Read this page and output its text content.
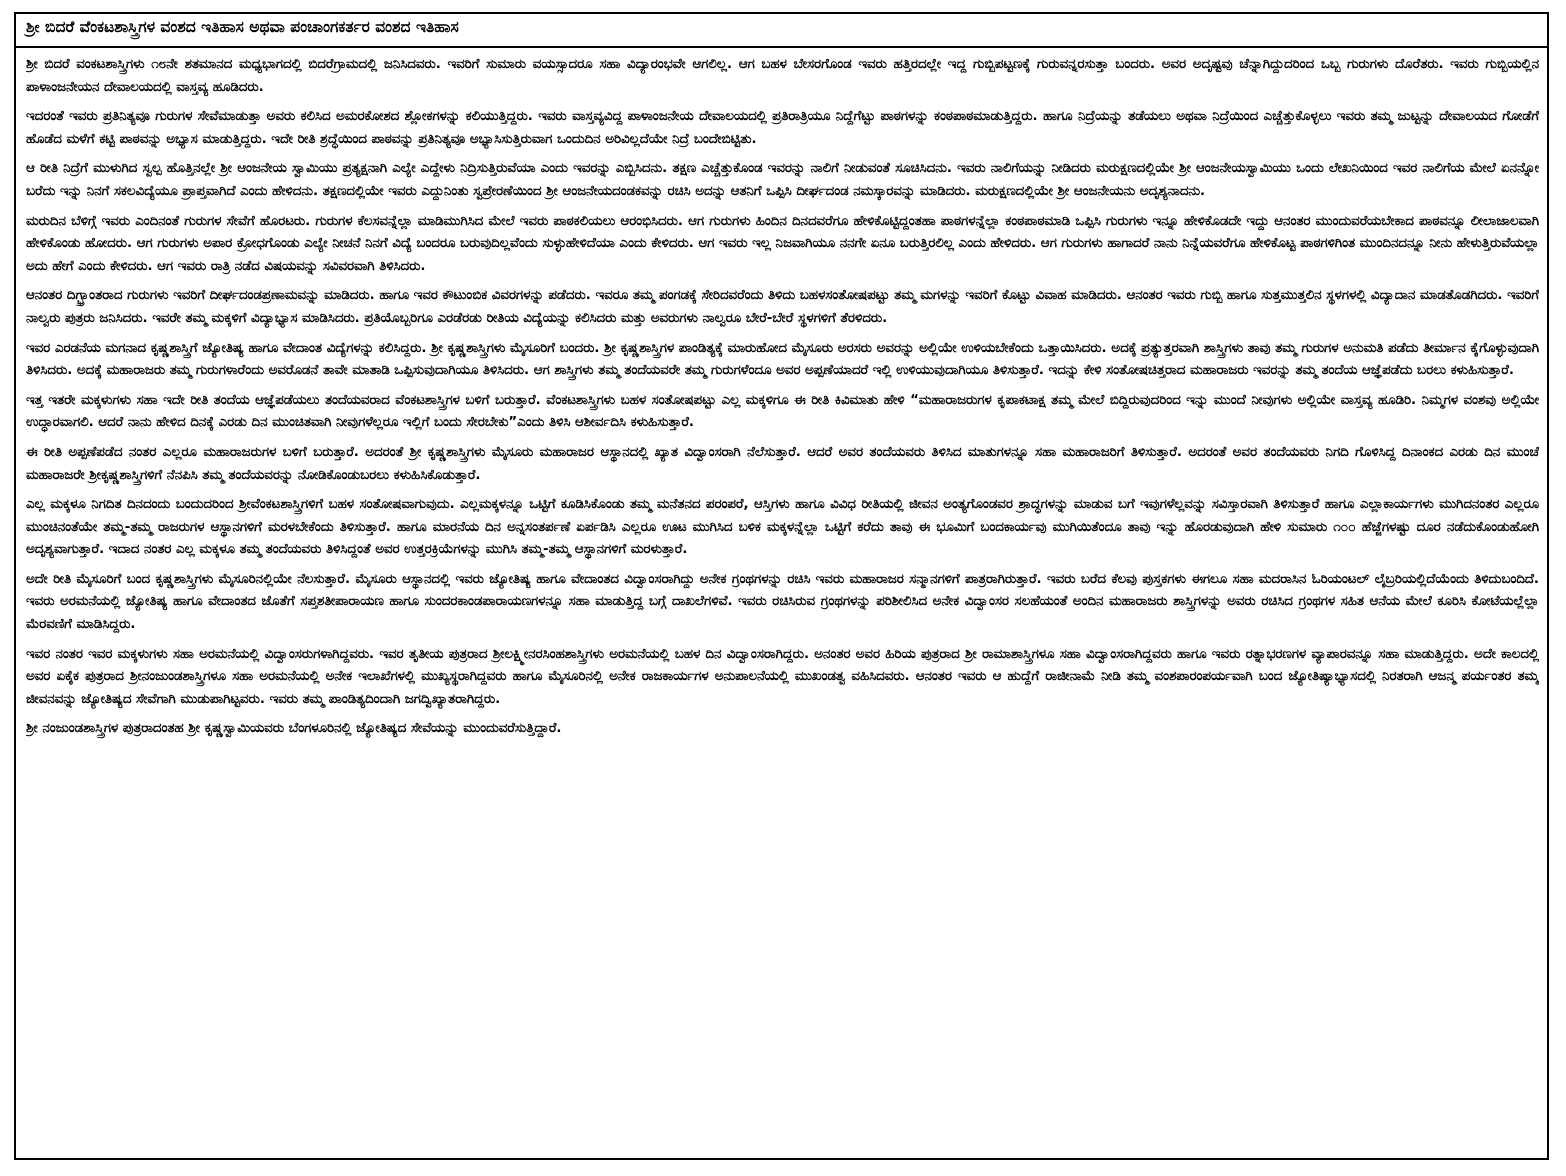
ಶ್ರೀ ಬಿದರೆ ವೆಂಕಟಶಾಸ್ತ್ರಿಗಳ ವಂಶದ ಇತಿಹಾಸ ಅಥವಾ ಪಂಚಾಂಗಕರ್ತರ ವಂಶದ ಇತಿಹಾಸ

ಶ್ರೀ ಬಿದರೆ ವಂಕಟಶಾಸ್ತ್ರಿಗಳು ೧೮ನೇ ಶತಮಾನದ ಮಧ್ಯಭಾಗದಲ್ಲಿ ಬಿದರೆಗ್ರಾಮದಲ್ಲಿ ಜನಿಸಿದವರು. ಇವರಿಗೆ ಸುಮಾರು ವಯಸ್ಸಾದರೂ ಸಹಾ ವಿದ್ಯಾರಂಭವೇ ಆಗಲಿಲ್ಲ. ಆಗ ಬಹಳ ಬೇಸರಗೊಂಡ ಇವರು ಹತ್ತಿರದಲ್ಲೇ ಇದ್ದ ಗುಬ್ಬಿಪಟ್ಟಣಕ್ಕೆ ಗುರುವನ್ನರಸುತ್ತಾ ಬಂದರು. ಅವರ ಅದೃಷ್ಟವು ಚೆನ್ನಾಗಿದ್ದುದರಿಂದ ಒಬ್ಬ ಗುರುಗಳು ದೊರೆತರು. ಇವರು ಗುಬ್ಬಿಯಲ್ಲಿನ ಪಾಳಾಂಜನೇಯನ ದೇವಾಲಯದಲ್ಲಿ ವಾಸ್ತವ್ಯ ಹೂಡಿದರು.

ಇದರಂತೆ ಇವರು ಪ್ರತಿನಿತ್ಯವೂ ಗುರುಗಳ ಸೇವೆಮಾಡುತ್ತಾ ಅವರು ಕಲಿಸಿದ ಅಮರಕೋಶದ ಶ್ಲೋಕಗಳನ್ನು ಕಲಿಯುತ್ತಿದ್ದರು. ಇವರು ವಾಸ್ತವ್ಯವಿದ್ದ ಪಾಳಾಂಜನೇಯ ದೇವಾಲಯದಲ್ಲಿ ಪ್ರತಿರಾತ್ರಿಯೂ ನಿದ್ದೆಗೆಟ್ಟು ಪಾಠಗಳನ್ನು ಕಂಠಪಾಠಮಾಡುತ್ತಿದ್ದರು. ಹಾಗೂ ನಿದ್ರೆಯನ್ನು ತಡೆಯಲು ಅಥವಾ ನಿದ್ರೆಯಿಂದ ಎಚ್ಚೆತ್ತುಕೊಳ್ಳಲು ಇವರು ತಮ್ಮ ಜುಟ್ಟನ್ನು ದೇವಾಲಯದ ಗೋಡೆಗೆ ಹೊಡೆದ ಮಳೆಗೆ ಕಟ್ಟಿ ಪಾಠವನ್ನು ಅಭ್ಯಾಸ ಮಾಡುತ್ತಿದ್ದರು. ಇದೇ ರೀತಿ ಶ್ರದ್ಧೆಯಿಂದ ಪಾಠವನ್ನು ಪ್ರತಿನಿತ್ಯವೂ ಅಭ್ಯಾಸಿಸುತ್ತಿರುವಾಗ ಒಂದುದಿನ ಅರಿವಿಲ್ಲದೆಯೇ ನಿದ್ರೆ ಬಂದೇಬಿಟ್ಟಿತು.

ಆ ರೀತಿ ನಿದ್ರೆಗೆ ಮುಳುಗಿದ ಸ್ವಲ್ಪ ಹೊತ್ತಿನಲ್ಲೇ ಶ್ರೀ ಆಂಜನೇಯ ಸ್ವಾಮಿಯು ಪ್ರತ್ಯಕ್ಷನಾಗಿ ಎಲ್ಯೇ ಎದ್ದೇಳು ನಿದ್ರಿಸುತ್ತಿರುವೆಯಾ ಎಂದು ಇವರನ್ನು ಎಬ್ಬಿಸಿದನು. ತಕ್ಷಣ ಎಚ್ಚೆತ್ತುಕೊಂಡ ಇವರನ್ನು ನಾಲಿಗೆ ನೀಡುವಂತೆ ಸೂಚಿಸಿದನು. ಇವರು ನಾಲಿಗೆಯನ್ನು ನೀಡಿದರು ಮರುಕ್ಷಣದಲ್ಲಿಯೇ ಶ್ರೀ ಆಂಜನೇಯಸ್ವಾಮಿಯು ಒಂದು ಲೇಖನಿಯಿಂದ ಇವರ ನಾಲಿಗೆಯ ಮೇಲೆ ಏನನ್ನೋ ಬರೆದು ಇನ್ನು ನಿನಗೆ ಸಕಲವಿದ್ಯೆಯೂ ಪ್ರಾಪ್ತವಾಗಿದೆ ಎಂದು ಹೇಳಿದನು. ತಕ್ಷಣದಲ್ಲಿಯೇ ಇವರು ಎದ್ದುನಿಂತು ಸ್ವಪ್ರೇರಣೆಯಿಂದ ಶ್ರೀ ಆಂಜನೇಯದಂಡಕವನ್ನು ರಚಿಸಿ ಅದನ್ನು ಆತನಿಗೆ ಒಪ್ಪಿಸಿ ದೀರ್ಘದಂಡ ನಮಸ್ಕಾರವನ್ನು ಮಾಡಿದರು. ಮರುಕ್ಷಣದಲ್ಲಿಯೇ ಶ್ರೀ ಆಂಜನೇಯನು ಅದೃಶ್ಯನಾದನು.

ಮರುದಿನ ಬೆಳಿಗ್ಗೆ ಇವರು ಎಂದಿನಂತೆ ಗುರುಗಳ ಸೇವೆಗೆ ಹೊರಟರು. ಗುರುಗಳ ಕೆಲಸವನ್ನೆಲ್ಲಾ ಮಾಡಿಮುಗಿಸಿದ ಮೇಲೆ ಇವರು ಪಾಠಕಲಿಯಲು ಆರಂಭಿಸಿದರು. ಆಗ ಗುರುಗಳು ಹಿಂದಿನ ದಿನದವರೆಗೂ ಹೇಳಿಕೊಟ್ಟಿದ್ದಂತಹಾ ಪಾಠಗಳನ್ನೆಲ್ಲಾ ಕಂಠಪಾಠಮಾಡಿ ಒಪ್ಪಿಸಿ ಗುರುಗಳು ಇನ್ನೂ ಹೇಳಿಕೊಡದೇ ಇದ್ದು ಆನಂತರ ಮುಂದುವರೆಯಬೇಕಾದ ಪಾಠವನ್ನೂ ಲೀಲಾಜಾಲವಾಗಿ ಹೇಳಿಕೊಂಡು ಹೋದರು. ಆಗ ಗುರುಗಳು ಅಪಾರ ಕ್ರೋಧಗೊಂಡು ಎಲ್ಯೇ ನೀಚನೆ ನಿನಗೆ ವಿದ್ಯೆ ಬಂದರೂ ಬರುವುದಿಲ್ಲವೆಂದು ಸುಳ್ಳುಹೇಳಿದೆಯಾ ಎಂದು ಕೇಳಿದರು. ಆಗ ಇವರು ಇಲ್ಲ ನಿಜವಾಗಿಯೂ ನನಗೇ ಏನೂ ಬರುತ್ತಿರಲಿಲ್ಲ ಎಂದು ಹೇಳಿದರು. ಆಗ ಗುರುಗಳು ಹಾಗಾದರೆ ನಾನು ನಿನ್ನೆಯವರೆಗೂ ಹೇಳಿಕೊಟ್ಟ ಪಾಠಗಳಿಗಿಂತ ಮುಂದಿನದನ್ನೂ ನೀನು ಹೇಳುತ್ತಿರುವೆಯಲ್ಲಾ ಅದು ಹೇಗೆ ಎಂದು ಕೇಳಿದರು. ಆಗ ಇವರು ರಾತ್ರಿ ನಡೆದ ವಿಷಯವನ್ನು ಸವಿವರವಾಗಿ ತಿಳಿಸಿದರು.

ಆನಂತರ ದಿಗ್ಭ್ರಾಂತರಾದ ಗುರುಗಳು ಇವರಿಗೆ ದೀರ್ಘದಂಡಪ್ರಣಾಮವನ್ನು ಮಾಡಿದರು. ಹಾಗೂ ಇವರ ಕೌಟುಂಬಿಕ ವಿವರಗಳನ್ನು ಪಡೆದರು. ಇವರೂ ತಮ್ಮ ಪಂಗಡಕ್ಕೆ ಸೇರಿದವರೆಂದು ತಿಳಿದು ಬಹಳಸಂತೋಷಪಟ್ಟು ತಮ್ಮ ಮಗಳನ್ನು ಇವರಿಗೆ ಕೊಟ್ಟು ವಿವಾಹ ಮಾಡಿದರು. ಆನಂತರ ಇವರು ಗುಬ್ಬಿ ಹಾಗೂ ಸುತ್ತಮುತ್ತಲಿನ ಸ್ಥಳಗಳಲ್ಲಿ ವಿದ್ಯಾದಾನ ಮಾಡತೊಡಗಿದರು. ಇವರಿಗೆ ನಾಲ್ವರು ಪುತ್ರರು ಜನಿಸಿದರು. ಇವರೇ ತಮ್ಮ ಮಕ್ಕಳಿಗೆ ವಿದ್ಯಾಭ್ಯಾಸ ಮಾಡಿಸಿದರು. ಪ್ರತಿಯೊಬ್ಬರಿಗೂ ಎರಡೆರಡು ರೀತಿಯ ವಿದ್ಯೆಯನ್ನು ಕಲಿಸಿದರು ಮತ್ತು ಅವರುಗಳು ನಾಲ್ವರೂ ಬೇರೆ-ಬೇರೆ ಸ್ಥಳಗಳಿಗೆ ತೆರಳಿದರು.

ಇವರ ಎರಡನೆಯ ಮಗನಾದ ಕೃಷ್ಣಶಾಸ್ತ್ರಿಗೆ ಜ್ಯೋತಿಷ್ಯ ಹಾಗೂ ವೇದಾಂತ ವಿದ್ಯೆಗಳನ್ನು ಕಲಿಸಿದ್ದರು. ಶ್ರೀ ಕೃಷ್ಣಶಾಸ್ತ್ರಿಗಳು ಮೈಸೂರಿಗೆ ಬಂದರು. ಶ್ರೀ ಕೃಷ್ಣಶಾಸ್ತ್ರಿಗಳ ಪಾಂಡಿತ್ಯಕ್ಕೆ ಮಾರುಹೋದ ಮೈಸೂರು ಅರಸರು ಅವರನ್ನು ಅಲ್ಲಿಯೇ ಉಳಿಯಬೇಕೆಂದು ಒತ್ತಾಯಿಸಿದರು. ಅದಕ್ಕೆ ಪ್ರತ್ಯುತ್ತರವಾಗಿ ಶಾಸ್ತ್ರಿಗಳು ತಾವು ತಮ್ಮ ಗುರುಗಳ ಅನುಮತಿ ಪಡೆದು ತೀರ್ಮಾನ ಕೈಗೊಳ್ಳುವುದಾಗಿ ತಿಳಿಸಿದರು. ಅದಕ್ಕೆ ಮಹಾರಾಜರು ತಮ್ಮ ಗುರುಗಳಾರೆಂದು ಅವರೊಡನೆ ತಾವೇ ಮಾತಾಡಿ ಒಪ್ಪಿಸುವುದಾಗಿಯೂ ತಿಳಿಸಿದರು. ಆಗ ಶಾಸ್ತ್ರಿಗಳು ತಮ್ಮ ತಂದೆಯವರೇ ತಮ್ಮ ಗುರುಗಳೆಂದೂ ಅವರ ಅಪ್ಪಣೆಯಾದರೆ ಇಲ್ಲಿ ಉಳಿಯುವುದಾಗಿಯೂ ತಿಳಿಸುತ್ತಾರೆ. ಇದನ್ನು ಕೇಳಿ ಸಂತೋಷಚಿತ್ತರಾದ ಮಹಾರಾಜರು ಇವರನ್ನು ತಮ್ಮ ತಂದೆಯ ಆಜ್ಞೆಪಡೆದು ಬರಲು ಕಳುಹಿಸುತ್ತಾರೆ.

ಇತ್ತ ಇತರೇ ಮಕ್ಕಳುಗಳು ಸಹಾ ಇದೇ ರೀತಿ ತಂದೆಯ ಆಜ್ಞೆಪಡೆಯಲು ತಂದೆಯವರಾದ ವೆಂಕಟಶಾಸ್ತ್ರಿಗಳ ಬಳಿಗೆ ಬರುತ್ತಾರೆ. ವೆಂಕಟಶಾಸ್ತ್ರಿಗಳು ಬಹಳ ಸಂತೋಷಪಟ್ಟು ಎಲ್ಲ ಮಕ್ಕಳಿಗೂ ಈ ರೀತಿ ಕಿವಿಮಾತು ಹೇಳಿ “ಮಹಾರಾಜರುಗಳ ಕೃಪಾಕಟಾಕ್ಷ ತಮ್ಮ ಮೇಲೆ ಬಿದ್ದಿರುವುದರಿಂದ ಇನ್ನು ಮುಂದೆ ನೀವುಗಳು ಅಲ್ಲಿಯೇ ವಾಸ್ತವ್ಯ ಹೂಡಿರಿ. ನಿಮ್ಮಗಳ ವಂಶವು ಅಲ್ಲಿಯೇ ಉದ್ಧಾರವಾಗಲಿ. ಆದರೆ ನಾನು ಹೇಳಿದ ದಿನಕ್ಕೆ ಎರಡು ದಿನ ಮುಂಚಿತವಾಗಿ ನೀವುಗಳೆಲ್ಲರೂ ಇಲ್ಲಿಗೆ ಬಂದು ಸೇರಬೇಕು”ಎಂದು ತಿಳಿಸಿ ಆಶೀರ್ವದಿಸಿ ಕಳುಹಿಸುತ್ತಾರೆ.

ಈ ರೀತಿ ಅಪ್ಪಣೆಪಡೆದ ನಂತರ ಎಲ್ಲರೂ ಮಹಾರಾಜರುಗಳ ಬಳಿಗೆ ಬರುತ್ತಾರೆ. ಅದರಂತೆ ಶ್ರೀ ಕೃಷ್ಣಶಾಸ್ತ್ರಿಗಳು ಮೈಸೂರು ಮಹಾರಾಜರ ಆಸ್ಥಾನದಲ್ಲಿ ಖ್ಯಾತ ವಿದ್ವಾಂಸರಾಗಿ ನೆಲೆಸುತ್ತಾರೆ. ಆದರೆ ಅವರ ತಂದೆಯವರು ತಿಳಿಸಿದ ಮಾತುಗಳನ್ನೂ ಸಹಾ ಮಹಾರಾಜರಿಗೆ ತಿಳಿಸುತ್ತಾರೆ. ಅದರಂತೆ ಅವರ ತಂದೆಯವರು ನಿಗದಿ ಗೊಳಿಸಿದ್ದ ದಿನಾಂಕದ ಎರಡು ದಿನ ಮುಂಚೆ ಮಹಾರಾಜರೇ ಶ್ರೀಕೃಷ್ಣಶಾಸ್ತ್ರಿಗಳಿಗೆ ನೆನಪಿಸಿ ತಮ್ಮ ತಂದೆಯವರನ್ನು ನೋಡಿಕೊಂಡುಬರಲು ಕಳುಹಿಸಿಕೊಡುತ್ತಾರೆ.

ಎಲ್ಲ ಮಕ್ಕಳೂ ನಿಗದಿತ ದಿನದಂದು ಬಂದುದರಿಂದ ಶ್ರೀವೆಂಕಟಶಾಸ್ತ್ರಿಗಳಿಗೆ ಬಹಳ ಸಂತೋಷವಾಗುವುದು. ಎಲ್ಲಮಕ್ಕಳನ್ನೂ ಒಟ್ಟಿಗೆ ಕೂಡಿಸಿಕೊಂಡು ತಮ್ಮ ಮನೆತನದ ಪರಂಪರೆ, ಆಸ್ತಿಗಳು ಹಾಗೂ ವಿವಿಧ ರೀತಿಯಲ್ಲಿ ಜೀವನ ಅಂತ್ಯಗೊಂಡವರ ಶ್ರಾದ್ಧಗಳನ್ನು ಮಾಡುವ ಬಗೆ ಇವುಗಳೆಲ್ಲವನ್ನು ಸವಿಸ್ತಾರವಾಗಿ ತಿಳಿಸುತ್ತಾರೆ ಹಾಗೂ ಎಲ್ಲಾಕಾರ್ಯಗಳು ಮುಗಿದನಂತರ ಎಲ್ಲರೂ ಮುಂಚಿನಂತೆಯೇ ತಮ್ಮ-ತಮ್ಮ ರಾಜರುಗಳ ಆಸ್ಥಾನಗಳಿಗೆ ಮರಳಬೇಕೆಂದು ತಿಳಿಸುತ್ತಾರೆ. ಹಾಗೂ ಮಾರನೆಯ ದಿನ ಅನ್ನಸಂತರ್ಪಣೆ ಏರ್ಪಡಿಸಿ ಎಲ್ಲರೂ ಊಟ ಮುಗಿಸಿದ ಬಳಿಕ ಮಕ್ಕಳನ್ನೆಲ್ಲಾ ಒಟ್ಟಿಗೆ ಕರೆದು ತಾವು ಈ ಭೂಮಿಗೆ ಬಂದಕಾರ್ಯವು ಮುಗಿಯಿತೆಂದೂ ತಾವು ಇನ್ನು ಹೊರಡುವುದಾಗಿ ಹೇಳಿ ಸುಮಾರು ೧೦೦ ಹೆಜ್ಜೆಗಳಷ್ಟು ದೂರ ನಡೆದುಕೊಂಡುಹೋಗಿ ಅದೃಶ್ಯವಾಗುತ್ತಾರೆ. ಇದಾದ ನಂತರ ಎಲ್ಲ ಮಕ್ಕಳೂ ತಮ್ಮ ತಂದೆಯವರು ತಿಳಿಸಿದ್ದಂತೆ ಅವರ ಉತ್ತರಕ್ರಿಯೆಗಳನ್ನು ಮುಗಿಸಿ ತಮ್ಮ-ತಮ್ಮ ಆಸ್ಥಾನಗಳಿಗೆ ಮರಳುತ್ತಾರೆ.

ಅದೇ ರೀತಿ ಮೈಸೂರಿಗೆ ಬಂದ ಕೃಷ್ಣಶಾಸ್ತ್ರಿಗಳು ಮೈಸೂರಿನಲ್ಲಿಯೇ ನೆಲಸುತ್ತಾರೆ. ಮೈಸೂರು ಆಸ್ಥಾನದಲ್ಲಿ ಇವರು ಜ್ಯೋತಿಷ್ಯ ಹಾಗೂ ವೇದಾಂತದ ವಿದ್ವಾಂಸರಾಗಿದ್ದು ಅನೇಕ ಗ್ರಂಥಗಳನ್ನು ರಚಿಸಿ ಇವರು ಮಹಾರಾಜರ ಸನ್ಮಾನಗಳಿಗೆ ಪಾತ್ರರಾಗಿರುತ್ತಾರೆ. ಇವರು ಬರೆದ ಕೆಲವು ಪುಸ್ತಕಗಳು ಈಗಲೂ ಸಹಾ ಮದರಾಸಿನ ಓರಿಯಂಟಲ್ ಲೈಬ್ರರಿಯಲ್ಲಿದೆಯೆಂದು ತಿಳಿದುಬಂದಿದೆ. ಇವರು ಅರಮನೆಯಲ್ಲಿ ಜ್ಯೋತಿಷ್ಯ ಹಾಗೂ ವೇದಾಂತದ ಜೊತೆಗೆ ಸಪ್ತಶತೀಪಾರಾಯಣ ಹಾಗೂ ಸುಂದರಕಾಂಡಪಾರಾಯಣಗಳನ್ನೂ ಸಹಾ ಮಾಡುತ್ತಿದ್ದ ಬಗ್ಗೆ ದಾಖಲೆಗಳಿವೆ. ಇವರು ರಚಿಸಿರುವ ಗ್ರಂಥಗಳನ್ನು ಪರಿಶೀಲಿಸಿದ ಅನೇಕ ವಿದ್ವಾಂಸರ ಸಲಹೆಯಂತೆ ಅಂದಿನ ಮಹಾರಾಜರು ಶಾಸ್ತ್ರಿಗಳನ್ನು ಅವರು ರಚಿಸಿದ ಗ್ರಂಥಗಳ ಸಹಿತ ಆನೆಯ ಮೇಲೆ ಕೂರಿಸಿ ಕೋಟೆಯಲ್ಲೆಲ್ಲಾ ಮೆರವಣಿಗೆ ಮಾಡಿಸಿದ್ದರು.

ಇವರ ನಂತರ ಇವರ ಮಕ್ಕಳುಗಳು ಸಹಾ ಅರಮನೆಯಲ್ಲಿ ವಿದ್ವಾಂಸರುಗಳಾಗಿದ್ದವರು. ಇವರ ತೃತೀಯ ಪುತ್ರರಾದ ಶ್ರೀಲಕ್ಷ್ಮೀನರಸಿಂಹಶಾಸ್ತ್ರಿಗಳು ಅರಮನೆಯಲ್ಲಿ ಬಹಳ ದಿನ ವಿದ್ವಾಂಸರಾಗಿದ್ದರು. ಅನಂತರ ಅವರ ಹಿರಿಯ ಪುತ್ರರಾದ ಶ್ರೀ ರಾಮಾಶಾಸ್ತ್ರಿಗಳೂ ಸಹಾ ವಿದ್ವಾಂಸರಾಗಿದ್ದವರು ಹಾಗೂ ಇವರು ರತ್ನಾಭರಣಗಳ ವ್ಯಾಪಾರವನ್ನೂ ಸಹಾ ಮಾಡುತ್ತಿದ್ದರು. ಅದೇ ಕಾಲದಲ್ಲಿ ಅವರ ಏಕೈಕ ಪುತ್ರರಾದ ಶ್ರೀನಂಜುಂಡಶಾಸ್ತ್ರಿಗಳೂ ಸಹಾ ಅರಮನೆಯಲ್ಲಿ ಅನೇಕ ಇಲಾಖೆಗಳಲ್ಲಿ ಮುಖ್ಯಸ್ಥರಾಗಿದ್ದವರು ಹಾಗೂ ಮೈಸೂರಿನಲ್ಲಿ ಅನೇಕ ರಾಜಕಾರ್ಯಗಳ ಅನುಪಾಲನೆಯಲ್ಲಿ ಮುಖಂಡತ್ವ ವಹಿಸಿದವರು. ಆನಂತರ ಇವರು ಆ ಹುದ್ದೆಗೆ ರಾಜೀನಾಮೆ ನೀಡಿ ತಮ್ಮ ವಂಶಪಾರಂಪರ್ಯವಾಗಿ ಬಂದ ಜ್ಯೋತಿಷ್ಯಾಭ್ಯಾಸದಲ್ಲಿ ನಿರತರಾಗಿ ಆಜನ್ಮ ಪರ್ಯಂತರ ತಮ್ಮ ಜೀವನವನ್ನು ಜ್ಯೋತಿಷ್ಯದ ಸೇವೆಗಾಗಿ ಮುಡುಪಾಗಿಟ್ಟವರು. ಇವರು ತಮ್ಮ ಪಾಂಡಿತ್ಯದಿಂದಾಗಿ ಜಗದ್ವಿಖ್ಯಾತರಾಗಿದ್ದರು.

ಶ್ರೀ ನಂಜುಂಡಶಾಸ್ತ್ರಿಗಳ ಪುತ್ರರಾದಂತಹ ಶ್ರೀ ಕೃಷ್ಣಸ್ವಾಮಿಯವರು ಬೆಂಗಳೂರಿನಲ್ಲಿ ಜ್ಯೋತಿಷ್ಯದ ಸೇವೆಯನ್ನು ಮುಂದುವರೆಸುತ್ತಿದ್ದಾರೆ.
